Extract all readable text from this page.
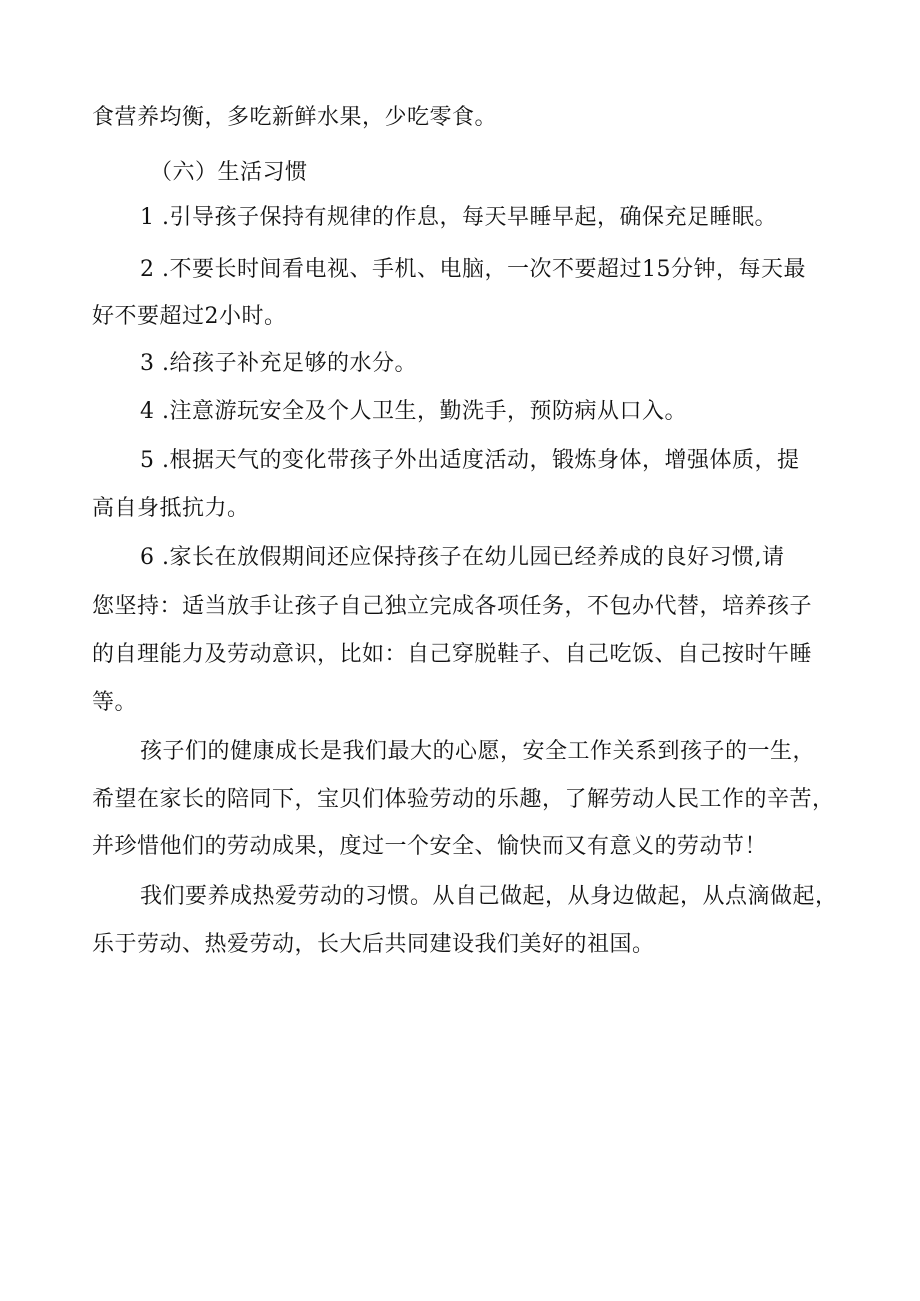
食营养均衡，多吃新鲜水果，少吃零食。
（六）生活习惯
1 .引导孩子保持有规律的作息，每天早睡早起，确保充足睡眠。
2 .不要长时间看电视、手机、电脑，一次不要超过15分钟，每天最
好不要超过2小时。
3 .给孩子补充足够的水分。
4 .注意游玩安全及个人卫生，勤洗手，预防病从口入。
5 .根据天气的变化带孩子外出适度活动，锻炼身体，增强体质，提
高自身抵抗力。
6 .家长在放假期间还应保持孩子在幼儿园已经养成的良好习惯,请
您坚持：适当放手让孩子自己独立完成各项任务，不包办代替，培养孩子
的自理能力及劳动意识，比如：自己穿脱鞋子、自己吃饭、自己按时午睡
等。
孩子们的健康成长是我们最大的心愿，安全工作关系到孩子的一生，
希望在家长的陪同下，宝贝们体验劳动的乐趣，了解劳动人民工作的辛苦，
并珍惜他们的劳动成果，度过一个安全、愉快而又有意义的劳动节！
我们要养成热爱劳动的习惯。从自己做起，从身边做起，从点滴做起，
乐于劳动、热爱劳动，长大后共同建设我们美好的祖国。
